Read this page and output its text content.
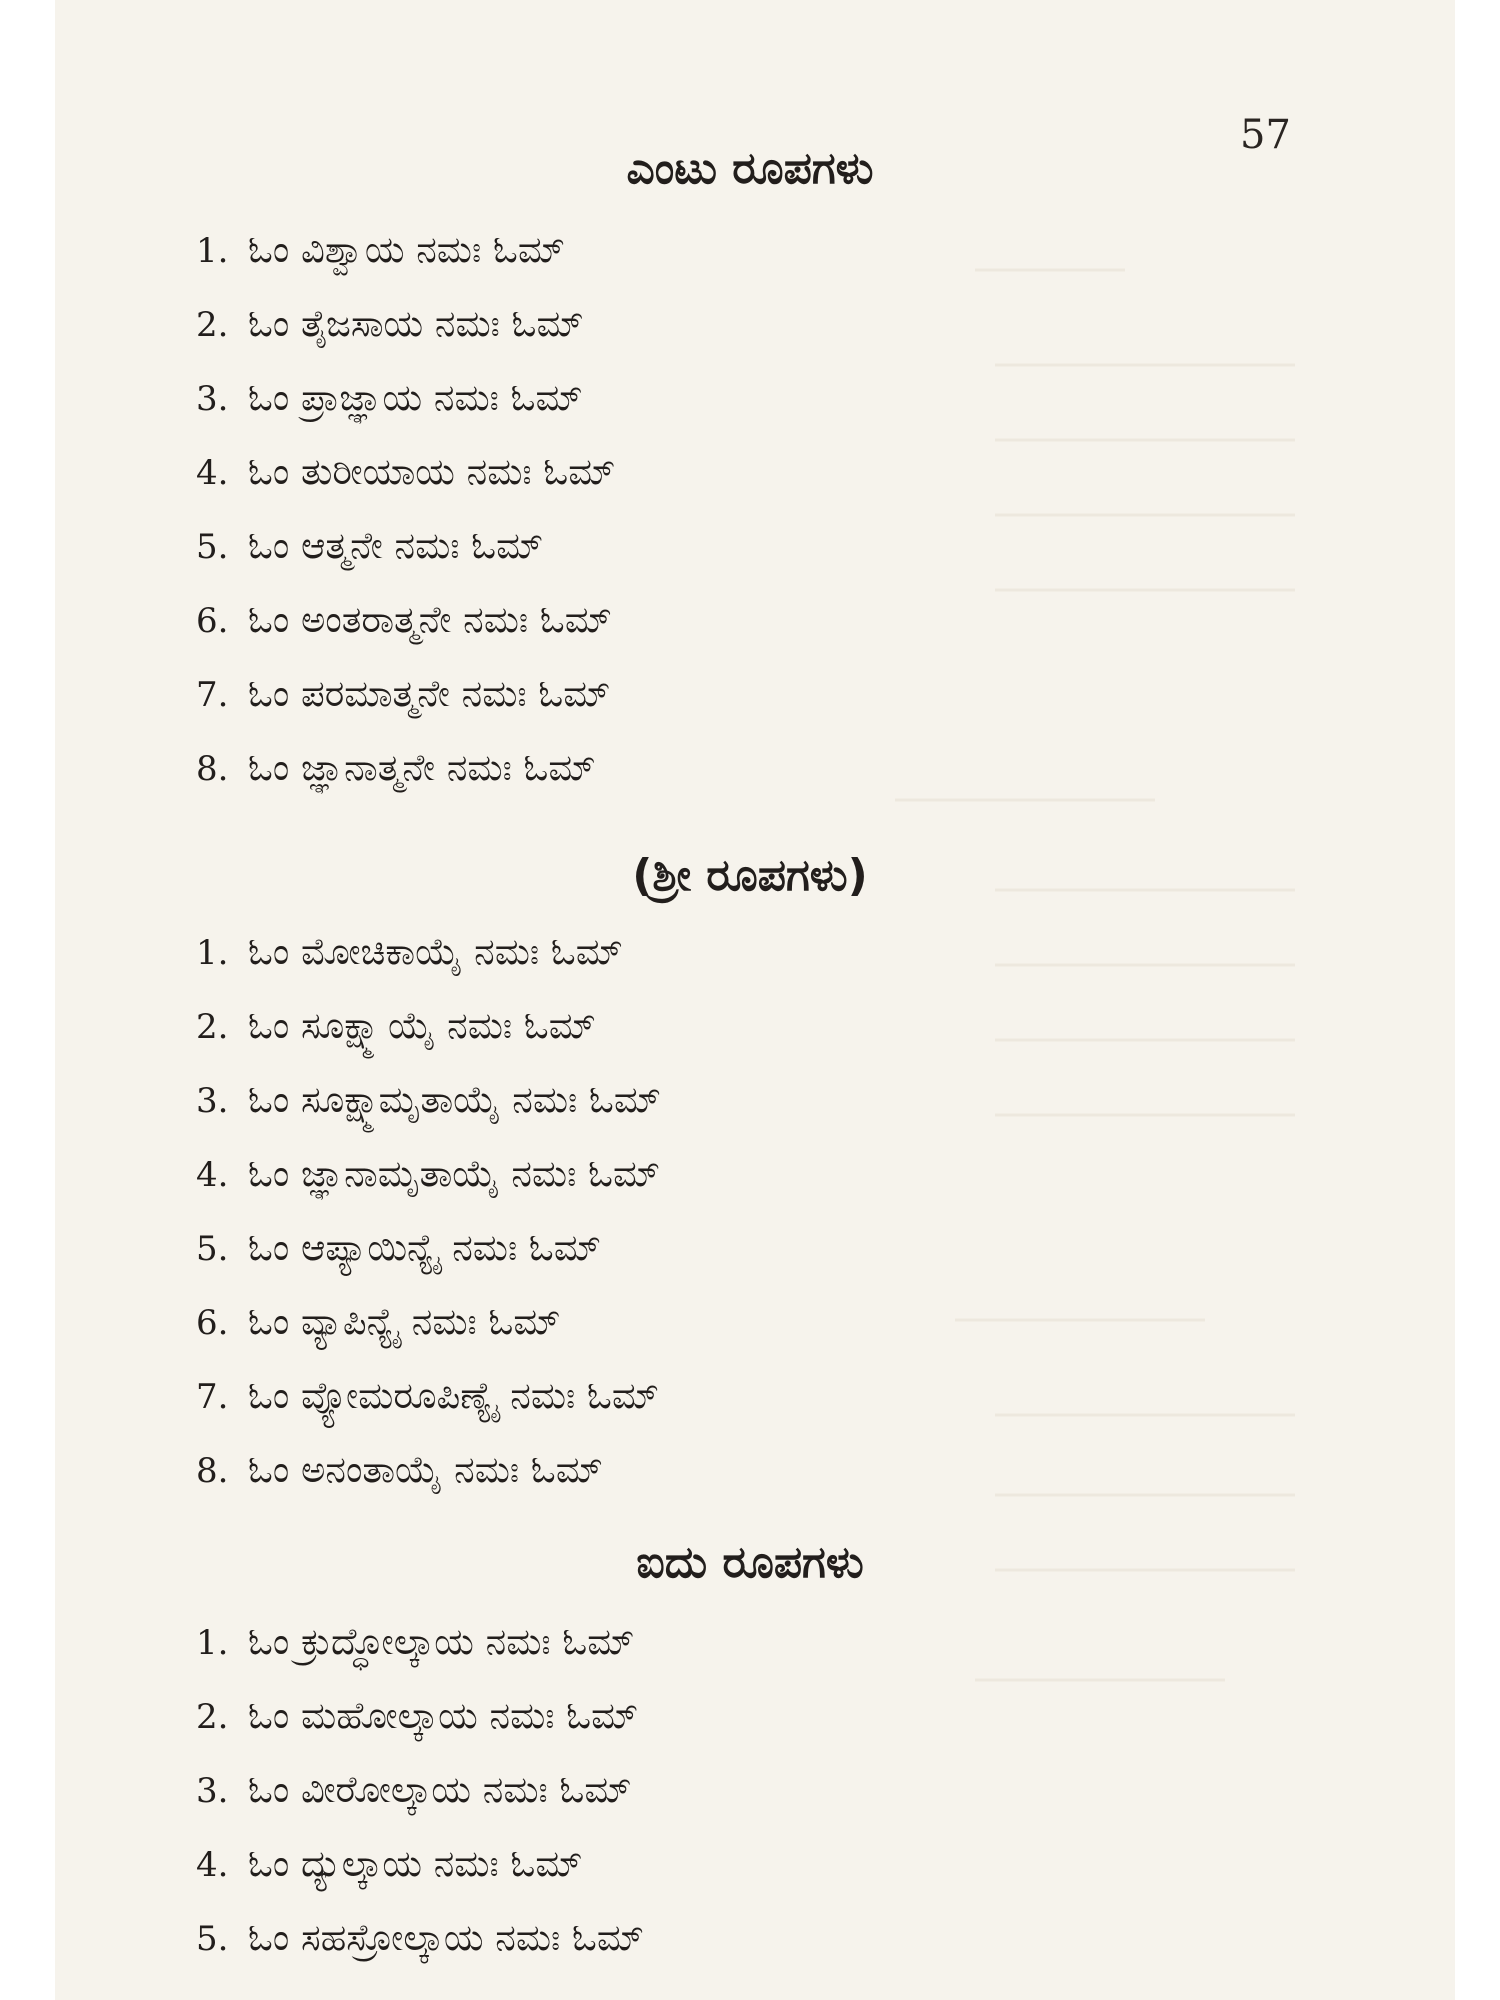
57
ಎಂಟು ರೂಪಗಳು
1. ಓಂ ವಿಶ್ವಾಯ ನಮಃ ಓಮ್
2. ಓಂ ತೈಜಸಾಯ ನಮಃ ಓಮ್
3. ಓಂ ಪ್ರಾಜ್ಞಾಯ ನಮಃ ಓಮ್
4. ಓಂ ತುರೀಯಾಯ ನಮಃ ಓಮ್
5. ಓಂ ಆತ್ಮನೇ ನಮಃ ಓಮ್
6. ಓಂ ಅಂತರಾತ್ಮನೇ ನಮಃ ಓಮ್
7. ಓಂ ಪರಮಾತ್ಮನೇ ನಮಃ ಓಮ್
8. ಓಂ ಜ್ಞಾನಾತ್ಮನೇ ನಮಃ ಓಮ್
(ಶ್ರೀ ರೂಪಗಳು)
1. ಓಂ ಮೋಚಿಕಾಯೈ ನಮಃ ಓಮ್
2. ಓಂ ಸೂಕ್ಷ್ಮಾಯೈ ನಮಃ ಓಮ್
3. ಓಂ ಸೂಕ್ಷ್ಮಾಮೃತಾಯೈ ನಮಃ ಓಮ್
4. ಓಂ ಜ್ಞಾನಾಮೃತಾಯೈ ನಮಃ ಓಮ್
5. ಓಂ ಆಪ್ಯಾಯಿನ್ಯೈ ನಮಃ ಓಮ್
6. ಓಂ ವ್ಯಾಪಿನ್ಯೈ ನಮಃ ಓಮ್
7. ಓಂ ವ್ಯೋಮರೂಪಿಣ್ಯೈ ನಮಃ ಓಮ್
8. ಓಂ ಅನಂತಾಯೈ ನಮಃ ಓಮ್
ಐದು ರೂಪಗಳು
1. ಓಂ ಕ್ರುದ್ಧೋಲ್ಕಾಯ ನಮಃ ಓಮ್
2. ಓಂ ಮಹೋಲ್ಕಾಯ ನಮಃ ಓಮ್
3. ಓಂ ವೀರೋಲ್ಕಾಯ ನಮಃ ಓಮ್
4. ಓಂ ದ್ಯುಲ್ಕಾಯ ನಮಃ ಓಮ್
5. ಓಂ ಸಹಸ್ರೋಲ್ಕಾಯ ನಮಃ ಓಮ್
